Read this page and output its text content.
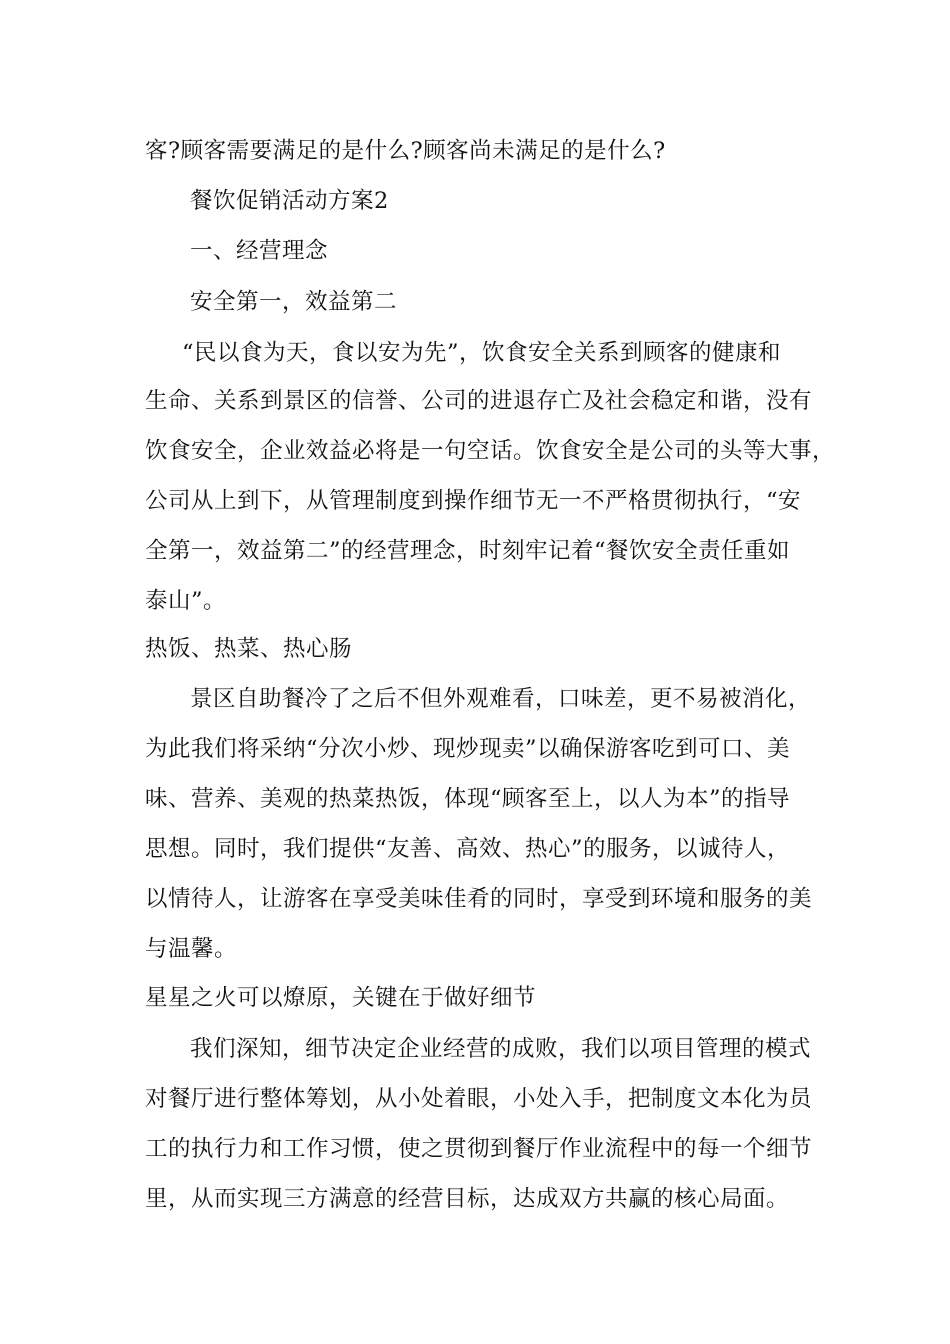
客?顾客需要满足的是什么?顾客尚未满足的是什么?
餐饮促销活动方案2
一、经营理念
安全第一，效益第二
“民以食为天，食以安为先”，饮食安全关系到顾客的健康和
生命、关系到景区的信誉、公司的进退存亡及社会稳定和谐，没有
饮食安全，企业效益必将是一句空话。饮食安全是公司的头等大事，
公司从上到下，从管理制度到操作细节无一不严格贯彻执行，“安
全第一，效益第二”的经营理念，时刻牢记着“餐饮安全责任重如
泰山”。
热饭、热菜、热心肠
景区自助餐冷了之后不但外观难看，口味差，更不易被消化，
为此我们将采纳“分次小炒、现炒现卖”以确保游客吃到可口、美
味、营养、美观的热菜热饭，体现“顾客至上，以人为本”的指导
思想。同时，我们提供“友善、高效、热心”的服务，以诚待人，
以情待人，让游客在享受美味佳肴的同时，享受到环境和服务的美
与温馨。
星星之火可以燎原，关键在于做好细节
我们深知，细节决定企业经营的成败，我们以项目管理的模式
对餐厅进行整体筹划，从小处着眼，小处入手，把制度文本化为员
工的执行力和工作习惯，使之贯彻到餐厅作业流程中的每一个细节
里，从而实现三方满意的经营目标，达成双方共赢的核心局面。
